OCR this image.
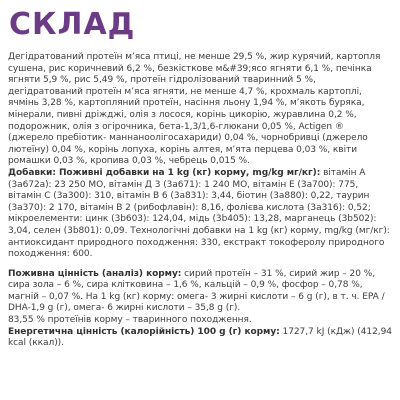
СКЛАД

Дегідратований протеїн м’яса птиці, не менше 29,5 %, жир курячий, картопля сушена, рис коричневий 6,2 %, безкісткове м&#39;ясо ягняти 6,1 %, печінка ягняти 5,9 %, рис 5,49 %, протеїн гідролізований тваринний 5 %, дегідратований протеїн м’яса ягняти, не менше 4,7 %, крохмаль картоплі, ячмінь 3,28 %, картопляний протеїн, насіння льону 1,94 %, м’якоть буряка, мінерали, пивні дріжджі, олія з лосося, корінь цикорію, журавлина 0,2 %, подорожник, олія з огірочника, бета-1,3/1,6-глюкани 0,05 %, Actigen ® (джерело пребіотик- маннаноолігосахариди) 0,04 %, чорнобривці (джерело лютеїну) 0,04 %, корінь лопуха, корінь алтея, м’ята перцева 0,03 %, квіти ромашки 0,03 %, кропива 0,03 %, чебрець 0,015 %.

Добавки: Поживні добавки на 1 kg (кг) корму, mg/kg мг/кг): вітамін А (3а672а): 23 250 МО, вітамін Д 3 (3а671): 1 240 МО, вітамін Е (3а700): 775, вітамін С (3а300): 310, вітамін В 6 (3а831): 3,44, біотин (3а880): 0,22, таурин (3а370): 2 170, вітамін В 2 (рибофлавін): 8,16, фолієва кислота (3а316): 0,52; мікроелементи: цинк (3b603): 124,04, мідь (3b405): 13,28, марганець (3b502): 3,04, селен (3b801): 0,09. Технологічні добавки на 1 kg (кг) корму, mg/kg (мг/кг): антиоксидант природного походження: 330, екстракт токоферолу природного походження: 600.

Поживна цінність (аналіз) корму: сирий протеїн – 31 %, сирий жир – 20 %, сира зола – 6 %, сира клітковина – 1,6 %, кальцій – 0,9 %, фосфор – 0,78 %, магній – 0,07 %. На 1 kg (кг) корму: омега- 3 жирні кислоти – 6 g (г), в т. ч. EPA / DHA-1,9 g (г), омега- 6 жирні кислоти – 35,8 g (г).

83,55 % протеїнів корму – тваринного походження.

Енергетична цінність (калорійність) 100 g (г) корму: 1727,7 kJ (кДж) (412,94 kcal (ккал)).
